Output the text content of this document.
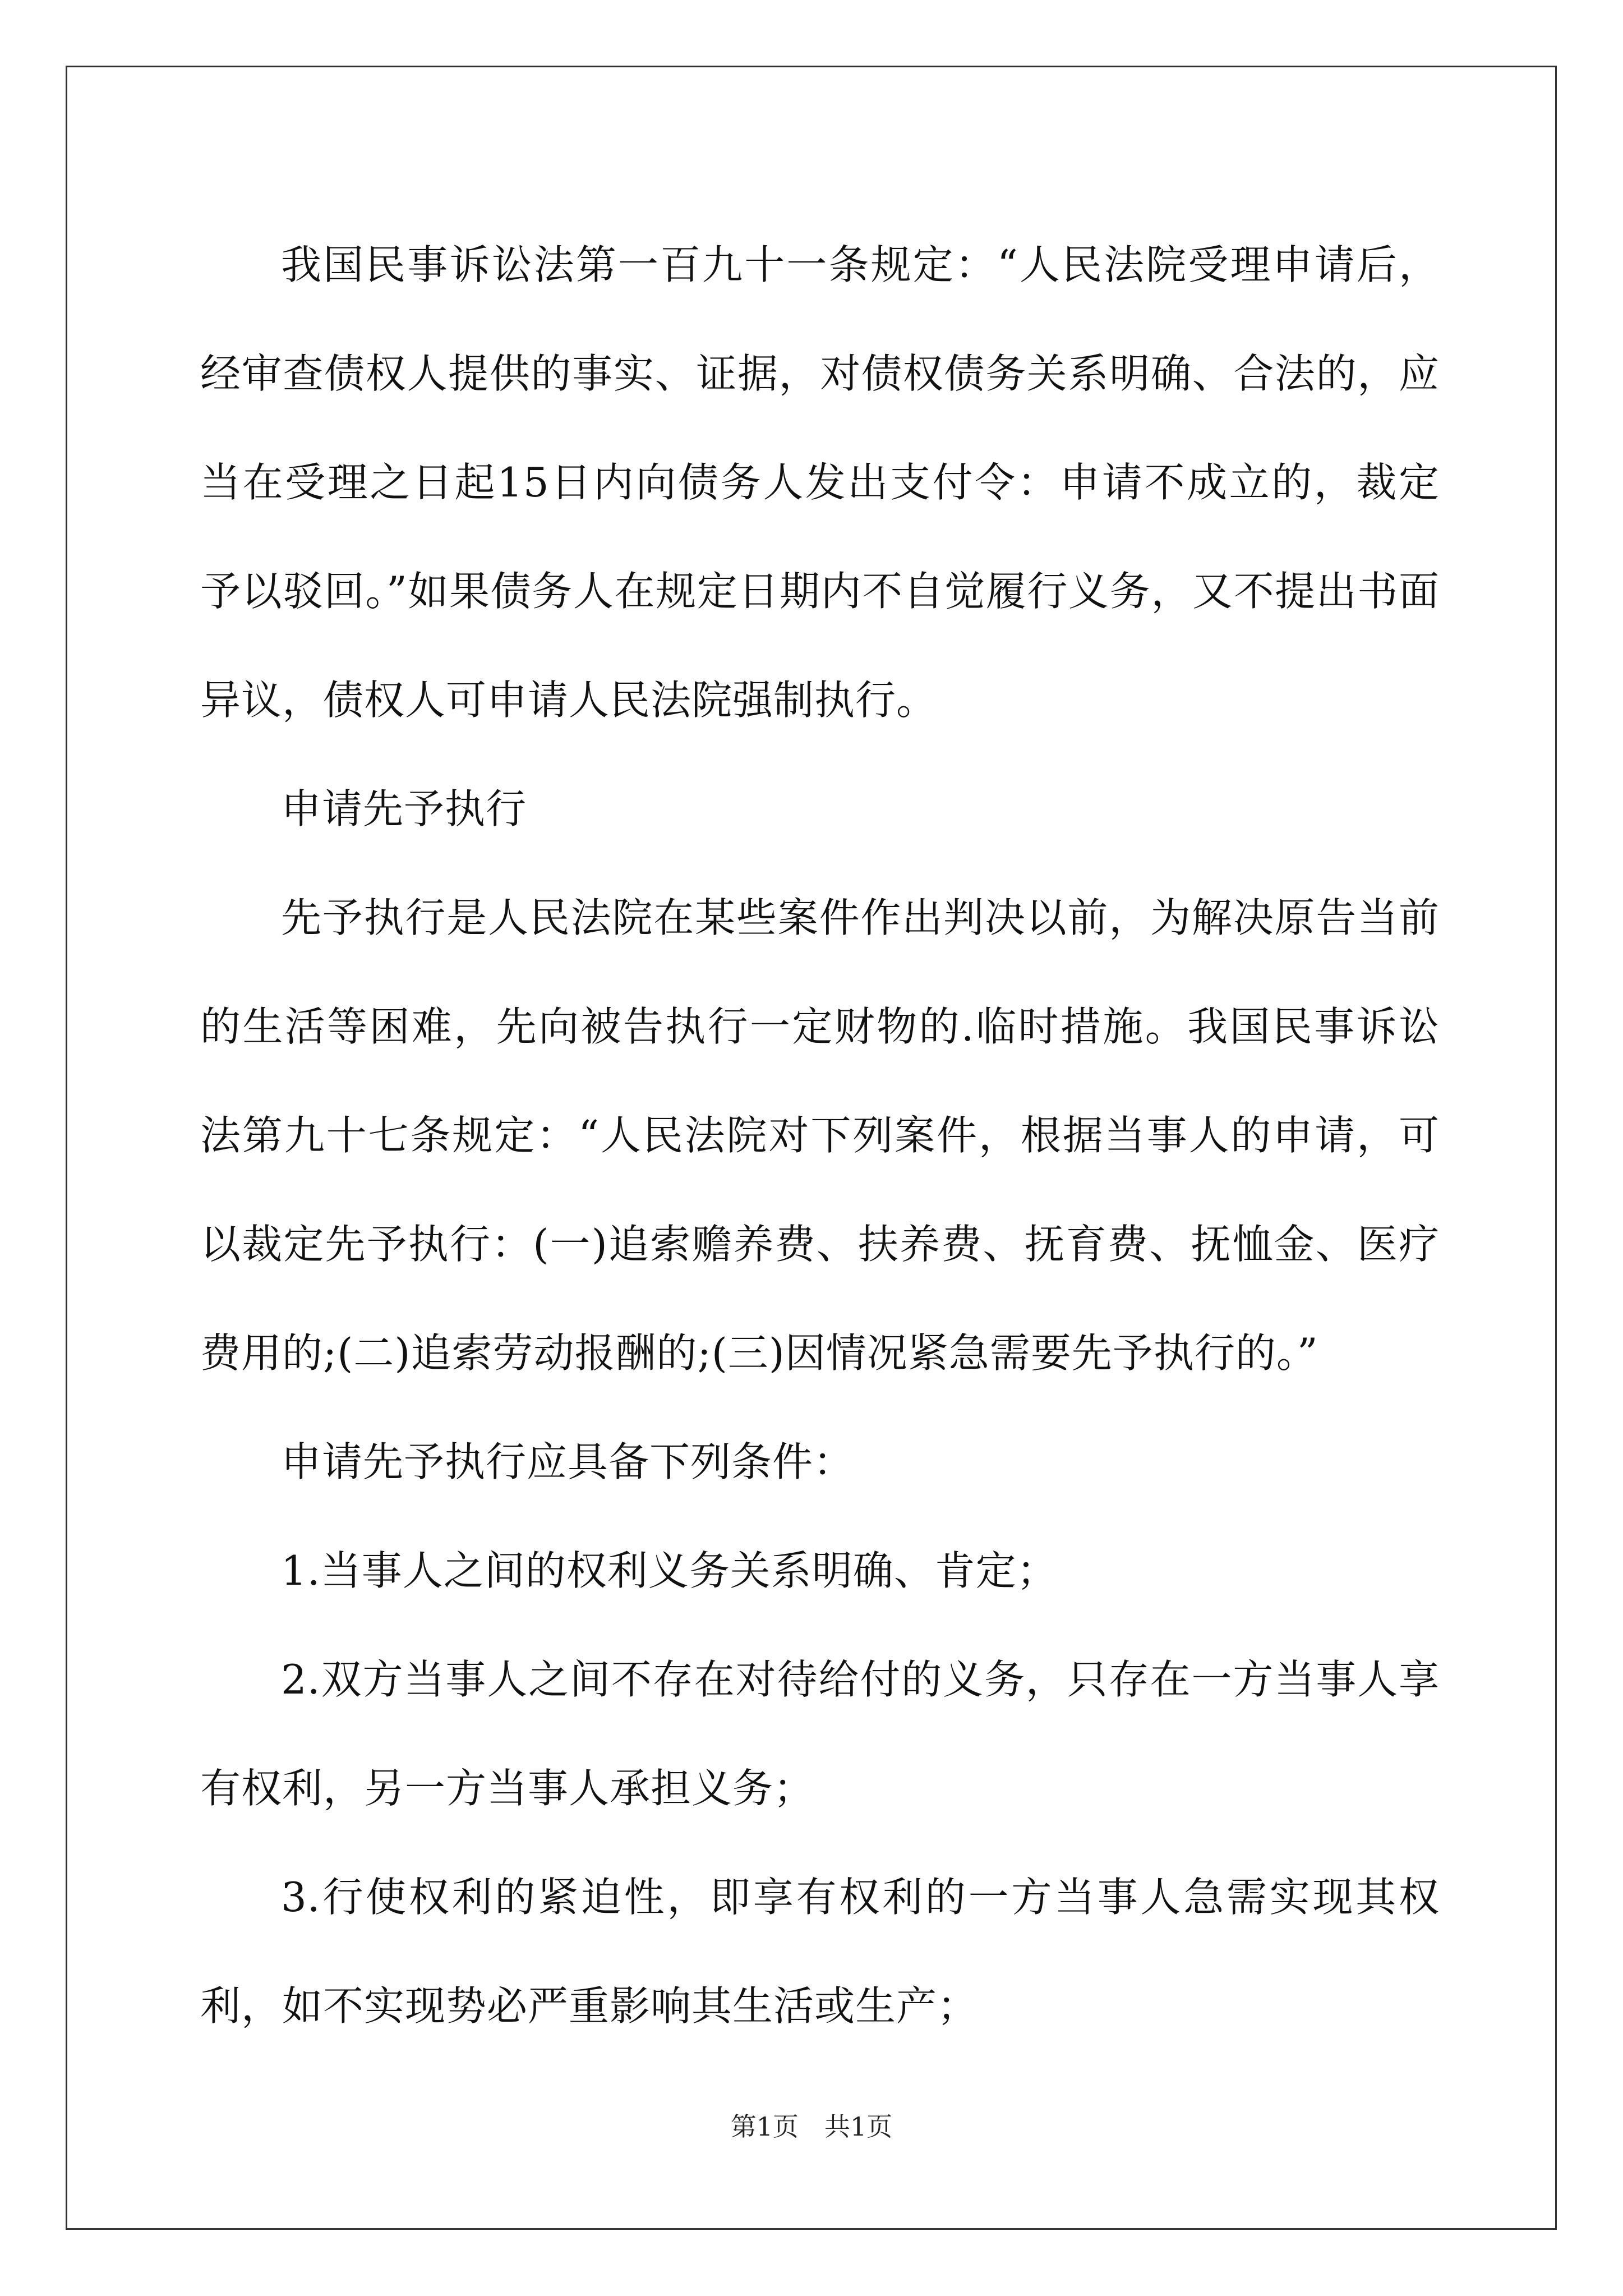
我国民事诉讼法第一百九十一条规定：“人民法院受理申请后，经审查债权人提供的事实、证据，对债权债务关系明确、合法的，应当在受理之日起15日内向债务人发出支付令：申请不成立的，裁定予以驳回。”如果债务人在规定日期内不自觉履行义务，又不提出书面异议，债权人可申请人民法院强制执行。

申请先予执行

先予执行是人民法院在某些案件作出判决以前，为解决原告当前的生活等困难，先向被告执行一定财物的.临时措施。我国民事诉讼法第九十七条规定：“人民法院对下列案件，根据当事人的申请，可以裁定先予执行：(一)追索赡养费、扶养费、抚育费、抚恤金、医疗费用的;(二)追索劳动报酬的;(三)因情况紧急需要先予执行的。”

申请先予执行应具备下列条件：

1.当事人之间的权利义务关系明确、肯定；

2.双方当事人之间不存在对待给付的义务，只存在一方当事人享有权利，另一方当事人承担义务；

3.行使权利的紧迫性，即享有权利的一方当事人急需实现其权利，如不实现势必严重影响其生活或生产；

第1页　共1页
